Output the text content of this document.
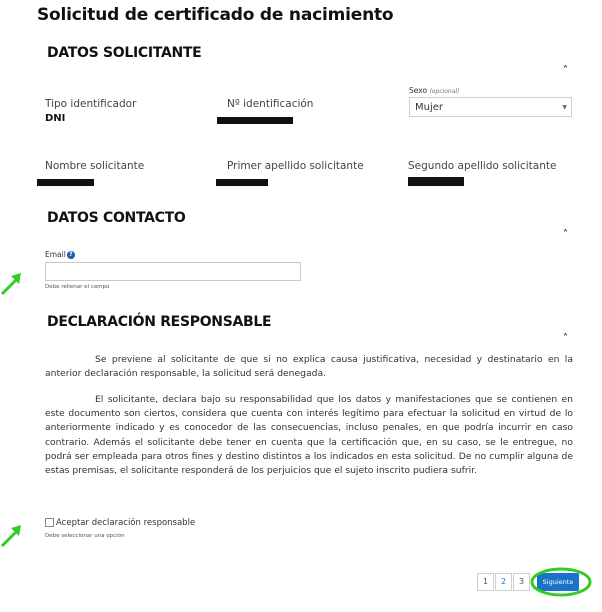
Solicitud de certificado de nacimiento
DATOS SOLICITANTE
˄
Tipo identificador
DNI
Nº identificación
Sexo (opcional)
Mujer	▼
Nombre solicitante	Primer apellido solicitante	Segundo apellido solicitante
DATOS CONTACTO
˄
Email ?
Debe rellenar el campo
DECLARACIÓN RESPONSABLE
˄
Se previene al solicitante de que si no explica causa justificativa, necesidad y destinatario en la anterior declaración responsable, la solicitud será denegada.
El solicitante, declara bajo su responsabilidad que los datos y manifestaciones que se contienen en este documento son ciertos, considera que cuenta con interés legítimo para efectuar la solicitud en virtud de lo anteriormente indicado y es conocedor de las consecuencias, incluso penales, en que podría incurrir en caso contrario. Además el solicitante debe tener en cuenta que la certificación que, en su caso, se le entregue, no podrá ser empleada para otros fines y destino distintos a los indicados en esta solicitud. De no cumplir alguna de estas premisas, el solicitante responderá de los perjuicios que el sujeto inscrito pudiera sufrir.
Aceptar declaración responsable
Debe seleccionar una opción
1	2	3	Siguiente
